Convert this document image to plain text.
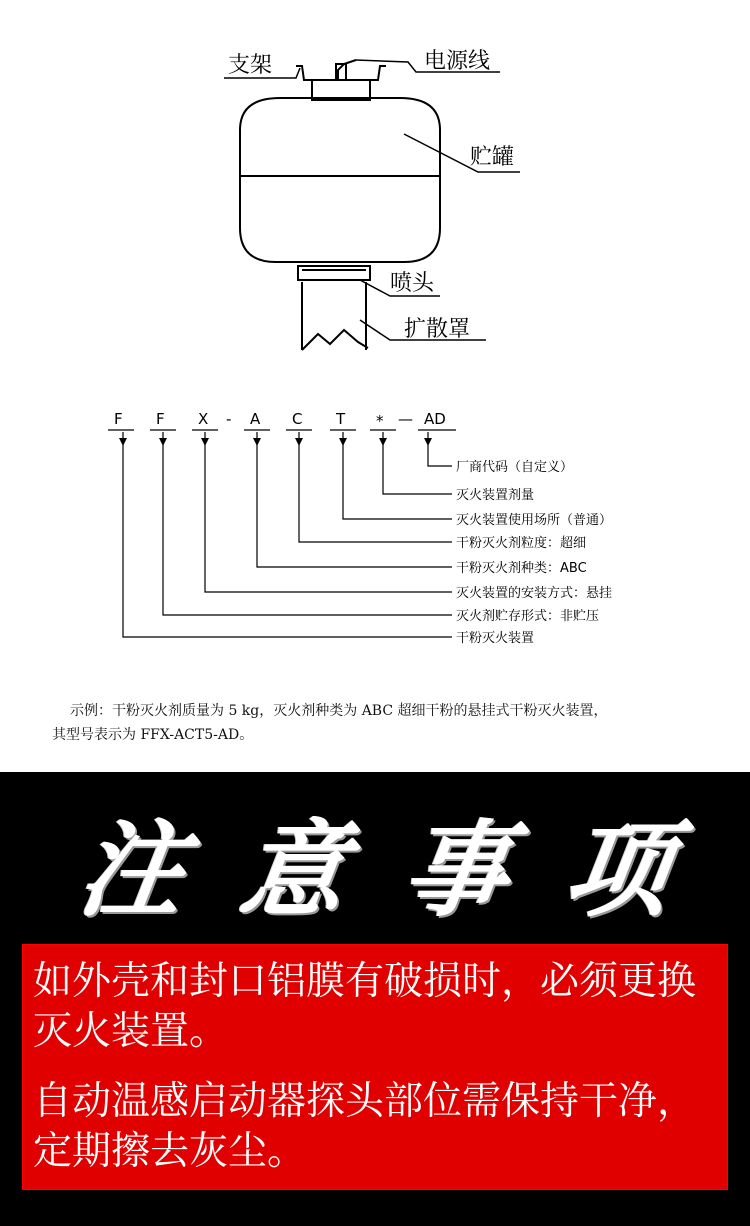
支架	电源线
贮罐
喷头
扩散罩
F F X - A C T * — AD
厂商代码（自定义）
灭火装置剂量
灭火装置使用场所（普通）
干粉灭火剂粒度：超细
干粉灭火剂种类：ABC
灭火装置的安装方式：悬挂
灭火剂贮存形式：非贮压
干粉灭火装置
示例：干粉灭火剂质量为 5 kg，灭火剂种类为 ABC 超细干粉的悬挂式干粉灭火装置，
其型号表示为 FFX-ACT5-AD。
注 意 事 项
如外壳和封口铝膜有破损时，必须更换灭火装置。
自动温感启动器探头部位需保持干净，定期擦去灰尘。
